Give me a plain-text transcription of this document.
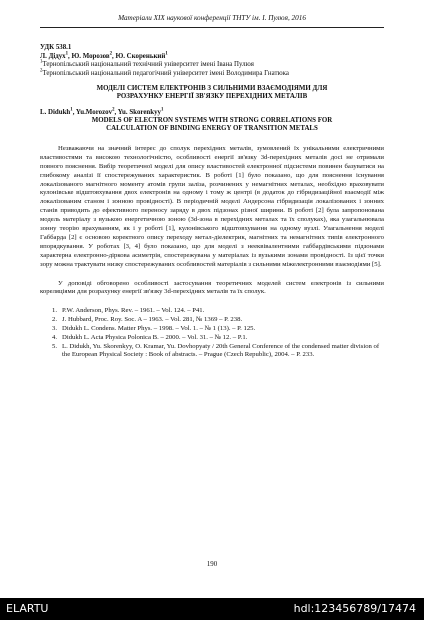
Матеріали XІX наукової конференції ТНТУ ім. І. Пулюя, 2016
УДК 538.1
Л. Дідух$^1$, Ю. Морозов$^2$, Ю. Скоренький$^1$
$^1$Тернопільський національний технічний університет імені Івана Пулюя
$^2$Тернопільський національний педагогічний університет імені Володимира Гнатюка
МОДЕЛІ СИСТЕМ ЕЛЕКТРОНІВ З СИЛЬНИМИ ВЗАЄМОДІЯМИ ДЛЯ
РОЗРАХУНКУ ЕНЕРГІЇ ЗВ'ЯЗКУ ПЕРЕХІДНИХ МЕТАЛІВ
L. Didukh$^1$, Yu.Morozov$^2$, Yu. Skorenkyy$^1$
MODELS OF ELECTRON SYSTEMS WITH STRONG CORRELATIONS FOR
CALCULATION OF BINDING ENERGY OF TRANSITION METALS

Незважаючи на значний інтерес до сполук перехідних металів, зумовлений їх унікальними електричними властивостями та високою технологічністю, особливості енергії зв'язку 3d-перехідних металів досі не отримали повного пояснення. Вибір теоретичної моделі для опису властивостей електронної підсистеми повинен базуватися на глибокому аналізі її спостережуваних характеристик. В роботі [1] було показано, що для пояснення існування локалізованого магнітного моменту атомів групи заліза, розчинених у немагнітних металах, необхідно враховувати кулонівське відштовхування двох електронів на одному і тому ж центрі (в додаток до гібридизаційної взаємодії між локалізованим станом і зонною провідності). В періодичній моделі Андерсона гібридизація локалізованих і зонних станів приводить до ефективного переносу заряду в двох підзонах різної ширини. В роботі [2] була запропонована модель матеріалу з вузькою енергетичною зоною (3d-зона в перехідних металах та їх сполуках), яка узагальнювала зонну теорію врахуванням, як і у роботі [1], кулонівського відштовхування на одному вузлі. Узагальнення моделі Габбарда [2] є основою коректного опису переходу метал-діелектрик, магнітних та немагнітних типів електронного впорядкування. У роботах [3, 4] було показано, що для моделі з нееквівалентними габбардівськими підзонами характерна електронно-діркова асиметрія, спостережувана у матеріалах із вузькими зонами провідності. Із цієї точки зору можна трактувати низку спостережуваних особливостей матеріалів з сильними міжелектронними взаємодіями [5].

У доповіді обговорено особливості застосування теоретичних моделей систем електронів із сильними кореляціями для розрахунку енергії зв'язку 3d-перехідних металів та їх сполук.

1. P.W. Anderson, Phys. Rev. – 1961. – Vol. 124. – P41.
2. J. Hubbard, Proc. Roy. Soc. A – 1963. – Vol. 281, № 1369 – P. 238.
3. Didukh L. Condens. Matter Phys. – 1998. – Vol. 1. – № 1 (13). – P. 125.
4. Didukh L. Acta Physica Polonica B. – 2000. – Vol. 31. – № 12. – P.1.
5. L. Didukh, Yu. Skorenkyy, O. Kramar, Yu. Dovhopyaty / 20th General Conference of the condensed matter division of the European Physical Society : Book of abstracts. – Prague (Czech Republic), 2004. – P. 233.
190
ELARTU	hdl:123456789/17474
